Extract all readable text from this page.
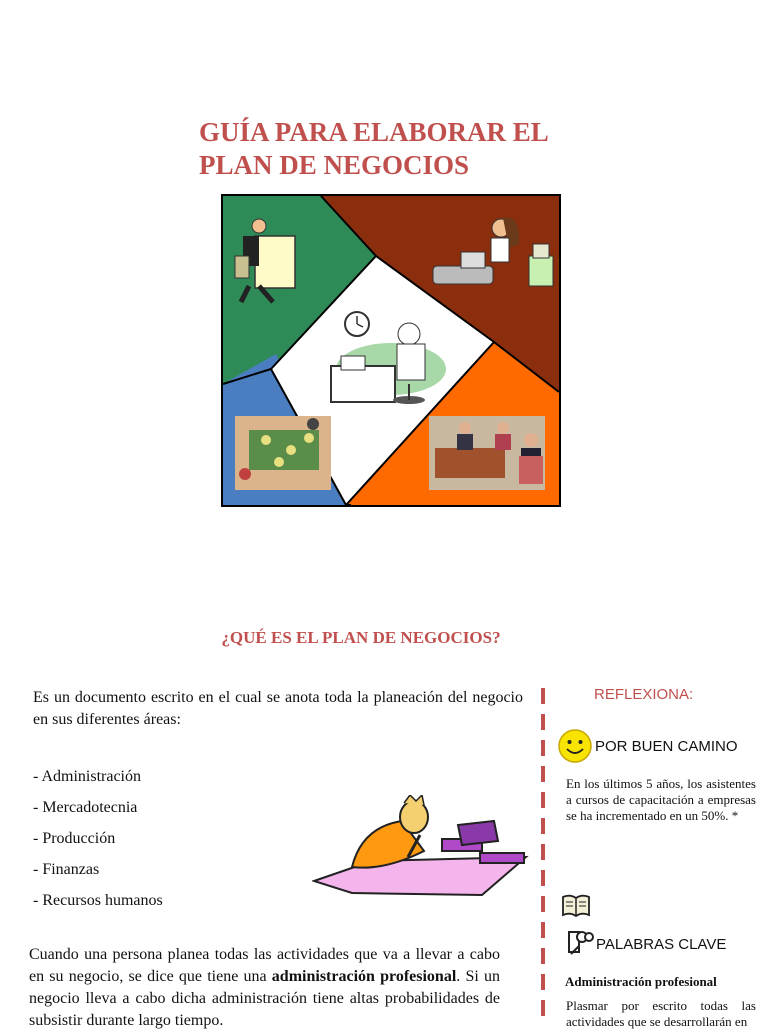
GUÍA PARA ELABORAR EL
PLAN DE NEGOCIOS
¿QUÉ ES EL PLAN DE NEGOCIOS?

Es un documento escrito en el cual se anota toda la planeación del negocio en sus diferentes áreas:

- Administración
- Mercadotecnia
- Producción
- Finanzas
- Recursos humanos

Cuando una persona planea todas las actividades que va a llevar a cabo en su negocio, se dice que tiene una administración profesional. Si un negocio lleva a cabo dicha administración tiene altas probabilidades de subsistir durante largo tiempo.

REFLEXIONA:
POR BUEN CAMINO
En los últimos 5 años, los asistentes a cursos de capacitación a empresas se ha incrementado en un 50%. *
PALABRAS CLAVE
Administración profesional
Plasmar por escrito todas las actividades que se desarrollarán en
